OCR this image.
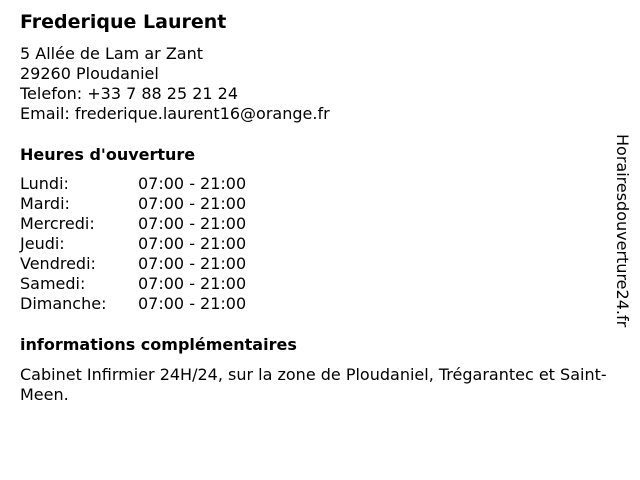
Frederique Laurent
5 Allée de Lam ar Zant
29260 Ploudaniel
Telefon: +33 7 88 25 21 24
Email: frederique.laurent16@orange.fr
Heures d'ouverture
Lundi:	07:00 - 21:00
Mardi:	07:00 - 21:00
Mercredi:	07:00 - 21:00
Jeudi:	07:00 - 21:00
Vendredi:	07:00 - 21:00
Samedi:	07:00 - 21:00
Dimanche:	07:00 - 21:00
informations complémentaires
Cabinet Infirmier 24H/24, sur la zone de Ploudaniel, Trégarantec et Saint-Meen.
Horairesdouverture24.fr
